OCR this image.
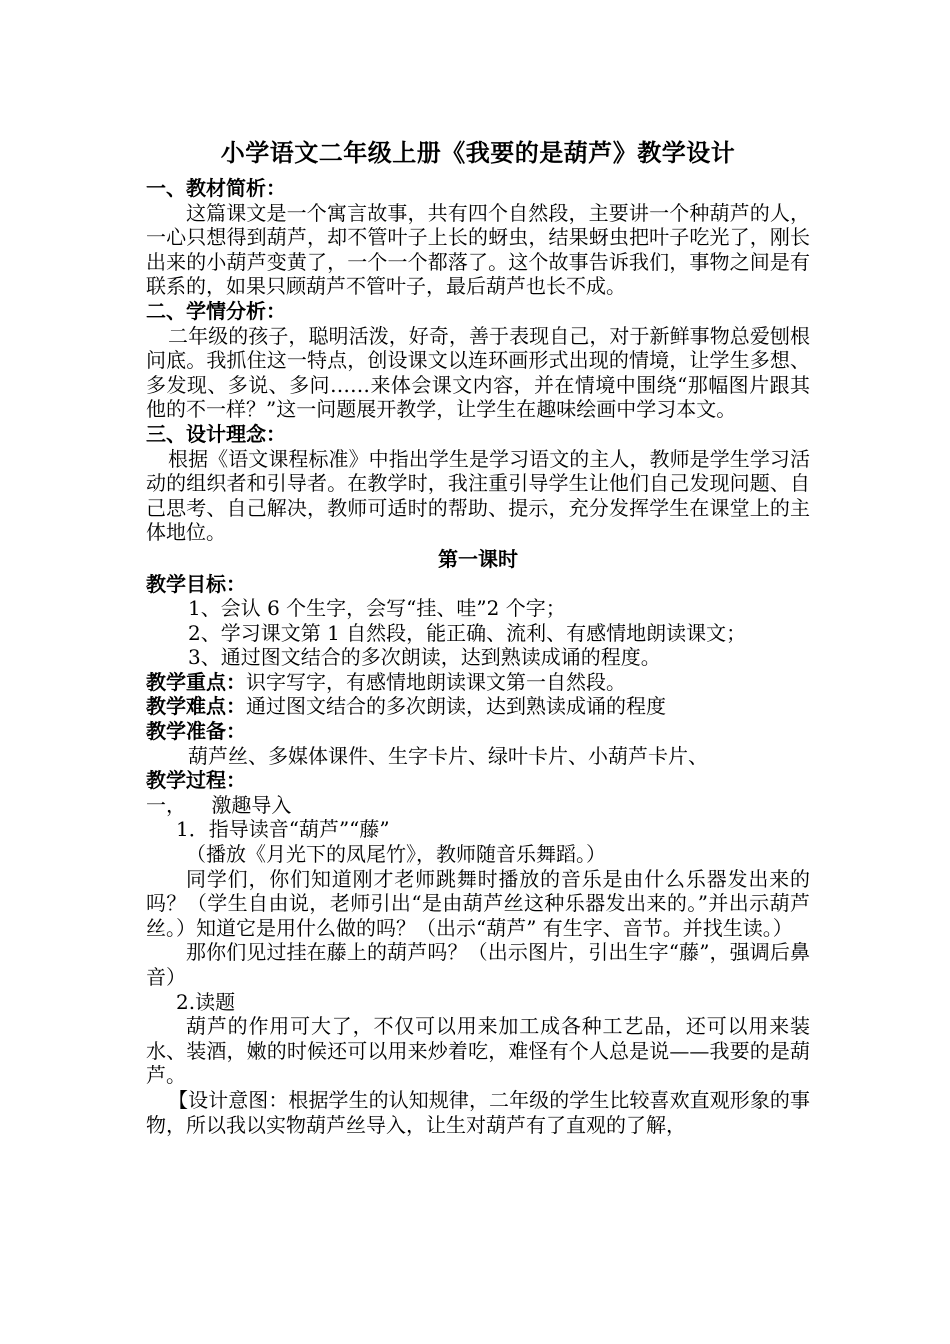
小学语文二年级上册《我要的是葫芦》教学设计

一、教材简析：

这篇课文是一个寓言故事，共有四个自然段，主要讲一个种葫芦的人，一心只想得到葫芦，却不管叶子上长的蚜虫，结果蚜虫把叶子吃光了，刚长出来的小葫芦变黄了，一个一个都落了。这个故事告诉我们，事物之间是有联系的，如果只顾葫芦不管叶子，最后葫芦也长不成。

二、学情分析：

二年级的孩子，聪明活泼，好奇，善于表现自己，对于新鲜事物总爱刨根问底。我抓住这一特点，创设课文以连环画形式出现的情境，让学生多想、多发现、多说、多问……来体会课文内容，并在情境中围绕“那幅图片跟其他的不一样？”这一问题展开教学，让学生在趣味绘画中学习本文。

三、设计理念：

根据《语文课程标准》中指出学生是学习语文的主人，教师是学生学习活动的组织者和引导者。在教学时，我注重引导学生让他们自己发现问题、自己思考、自己解决，教师可适时的帮助、提示，充分发挥学生在课堂上的主体地位。

第一课时

教学目标：

1、会认 6 个生字，会写“挂、哇”2 个字；

2、学习课文第 1 自然段，能正确、流利、有感情地朗读课文；

3、通过图文结合的多次朗读，达到熟读成诵的程度。

教学重点：识字写字，有感情地朗读课文第一自然段。

教学难点：通过图文结合的多次朗读，达到熟读成诵的程度

教学准备：

葫芦丝、多媒体课件、生字卡片、绿叶卡片、小葫芦卡片、

教学过程：

一，    激趣导入

1．指导读音“葫芦”“藤”

（播放《月光下的凤尾竹》，教师随音乐舞蹈。）

同学们，你们知道刚才老师跳舞时播放的音乐是由什么乐器发出来的吗？（学生自由说，老师引出“是由葫芦丝这种乐器发出来的。”并出示葫芦丝。）知道它是用什么做的吗？（出示“葫芦” 有生字、音节。并找生读。）

那你们见过挂在藤上的葫芦吗？（出示图片，引出生字“藤”，强调后鼻音）

2.读题

葫芦的作用可大了，不仅可以用来加工成各种工艺品，还可以用来装水、装酒，嫩的时候还可以用来炒着吃，难怪有个人总是说——我要的是葫芦。

【设计意图：根据学生的认知规律，二年级的学生比较喜欢直观形象的事物，所以我以实物葫芦丝导入，让生对葫芦有了直观的了解，
